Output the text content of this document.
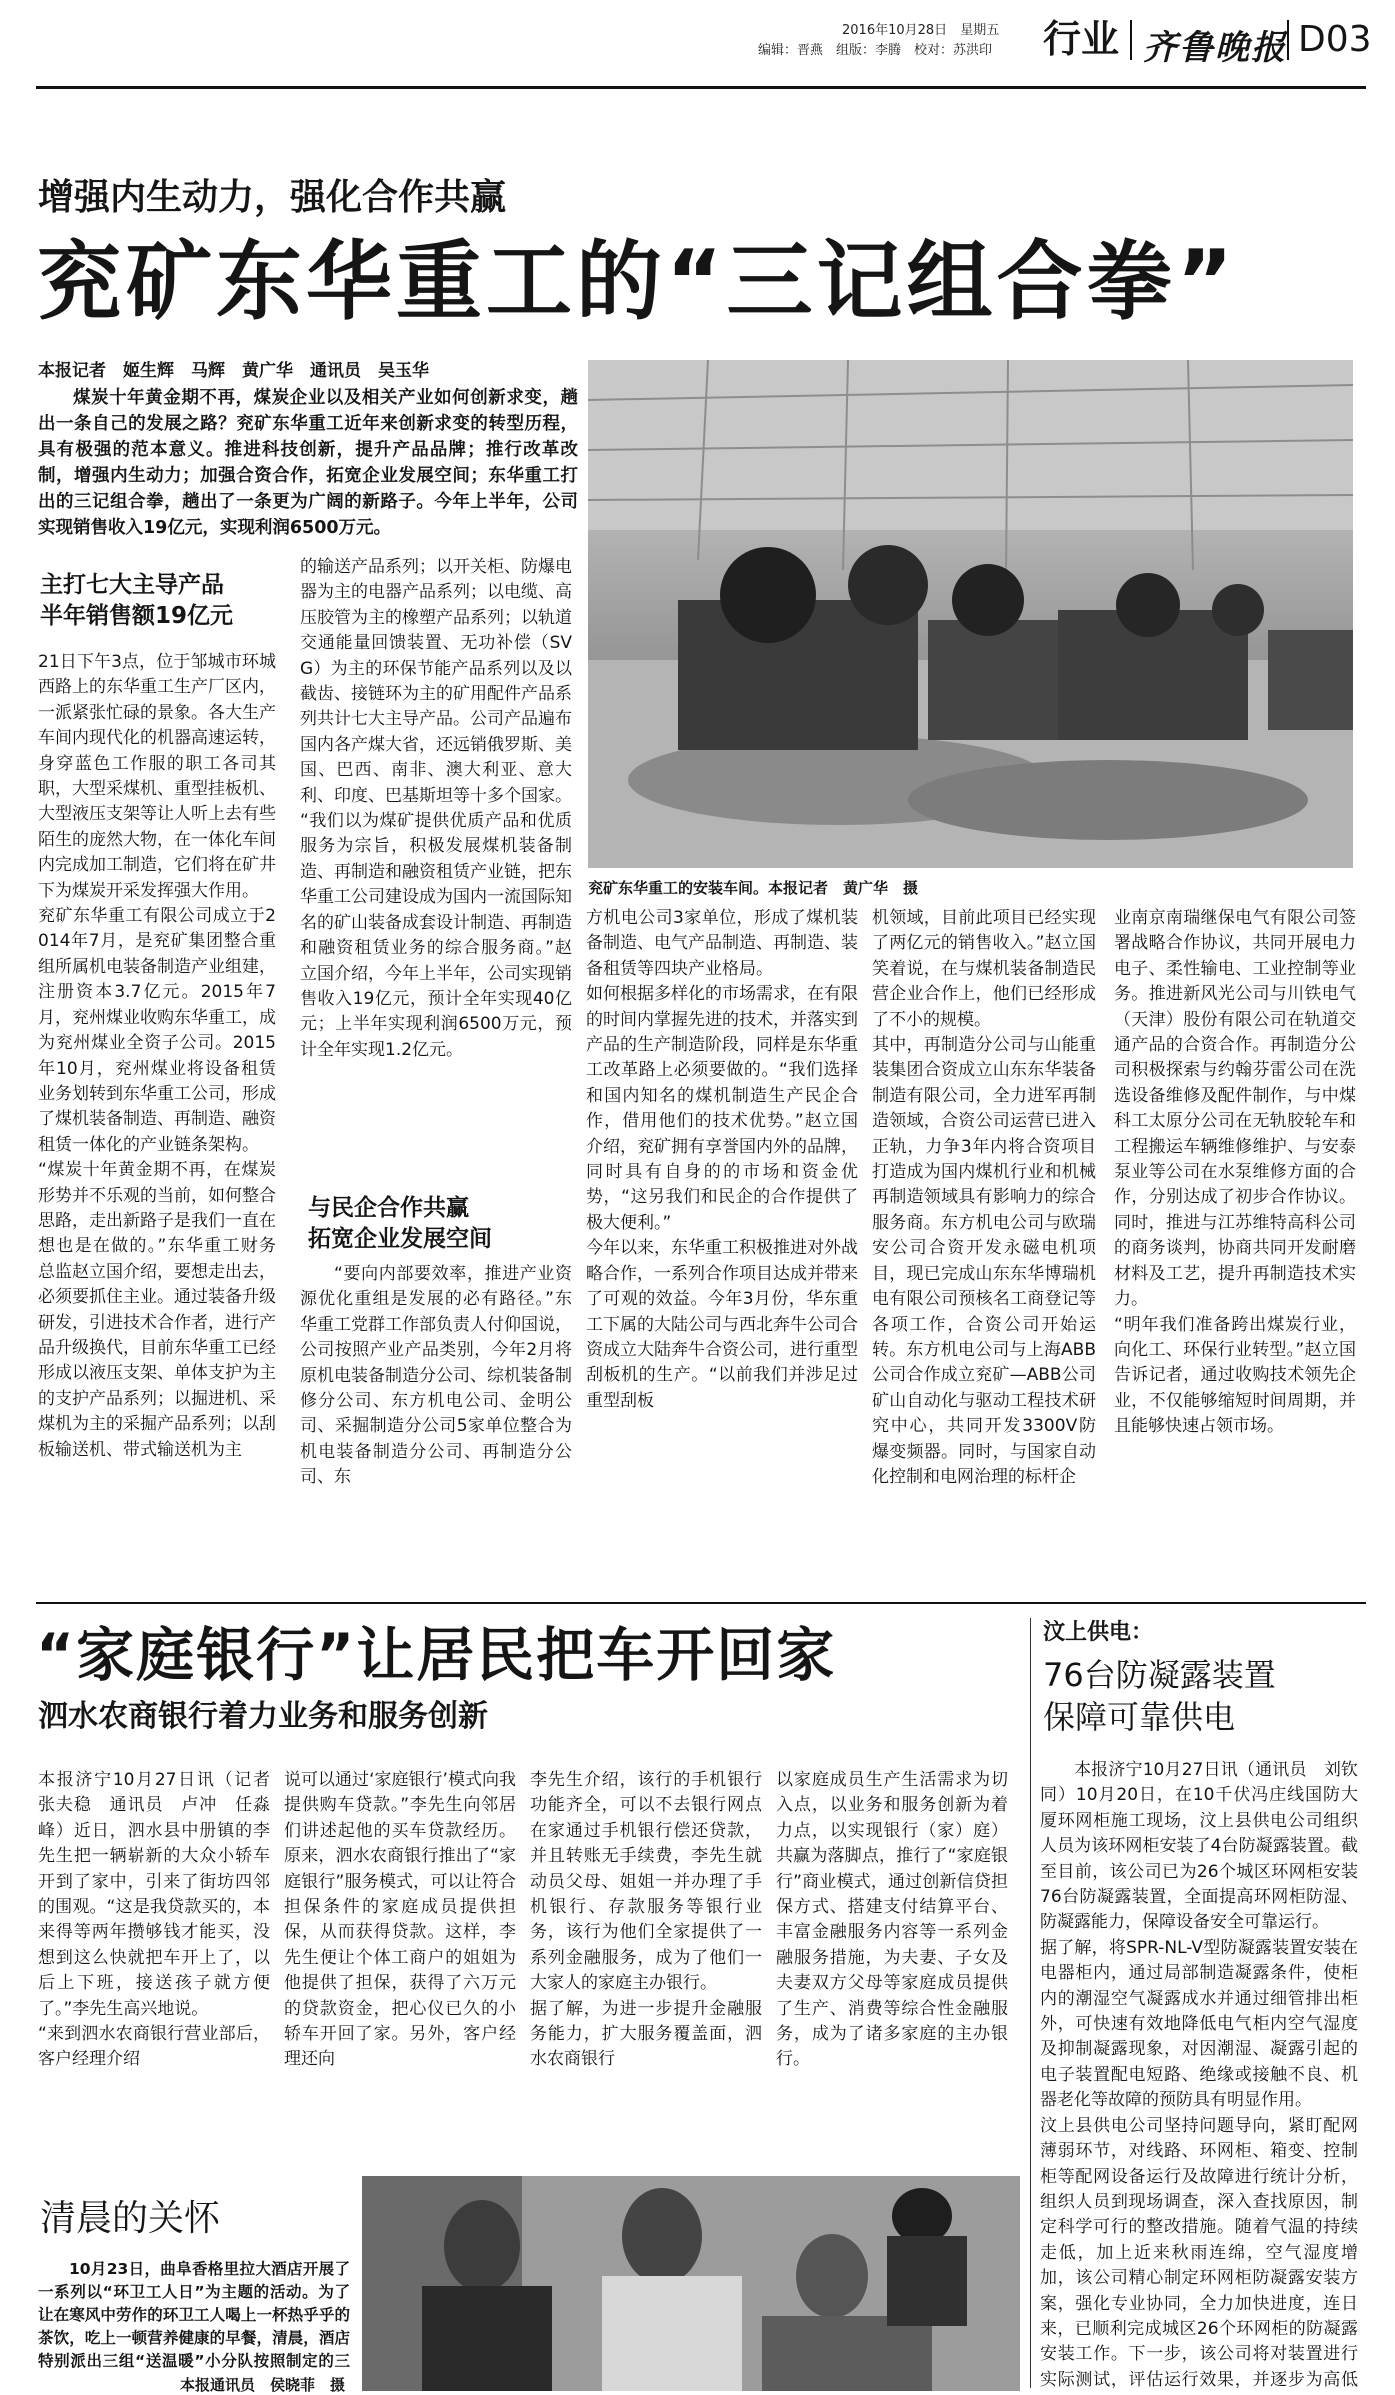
2016年10月28日　 星期五
编辑：晋燕　组版：李腾　校对：苏洪印 行业 齐鲁晚报 D03
增强内生动力，强化合作共赢
兖矿东华重工的“三记组合拳”
本报记者　姬生辉　马辉　黄广华　通讯员　吴玉华
煤炭十年黄金期不再，煤炭企业以及相关产业如何创新求变，趟出一条自己的发展之路？兖矿东华重工近年来创新求变的转型历程，具有极强的范本意义。推进科技创新，提升产品品牌；推行改革改制，增强内生动力；加强合资合作，拓宽企业发展空间；东华重工打出的三记组合拳，趟出了一条更为广阔的新路子。今年上半年，公司实现销售收入19亿元，实现利润6500万元。
兖矿东华重工的安装车间。本报记者　黄广华　摄
主打七大主导产品
半年销售额19亿元
21日下午3点，位于邹城市环城西路上的东华重工生产厂区内，一派紧张忙碌的景象。各大生产车间内现代化的机器高速运转，身穿蓝色工作服的职工各司其职，大型采煤机、重型挂板机、大型液压支架等让人听上去有些陌生的庞然大物，在一体化车间内完成加工制造，它们将在矿井下为煤炭开采发挥强大作用。
兖矿东华重工有限公司成立于2014年7月，是兖矿集团整合重组所属机电装备制造产业组建，注册资本3.7亿元。2015年7月，兖州煤业收购东华重工，成为兖州煤业全资子公司。2015年10月，兖州煤业将设备租赁业务划转到东华重工公司，形成了煤机装备制造、再制造、融资租赁一体化的产业链条架构。
“煤炭十年黄金期不再，在煤炭形势并不乐观的当前，如何整合思路，走出新路子是我们一直在想也是在做的。”东华重工财务总监赵立国介绍，要想走出去，必须要抓住主业。通过装备升级研发，引进技术合作者，进行产品升级换代，目前东华重工已经形成以液压支架、单体支护为主的支护产品系列；以掘进机、采煤机为主的采掘产品系列；以刮板输送机、带式输送机为主
的输送产品系列；以开关柜、防爆电器为主的电器产品系列；以电缆、高压胶管为主的橡塑产品系列；以轨道交通能量回馈装置、无功补偿（SVG）为主的环保节能产品系列以及以截齿、接链环为主的矿用配件产品系列共计七大主导产品。公司产品遍布国内各产煤大省，还远销俄罗斯、美国、巴西、南非、澳大利亚、意大利、印度、巴基斯坦等十多个国家。
“我们以为煤矿提供优质产品和优质服务为宗旨，积极发展煤机装备制造、再制造和融资租赁产业链，把东华重工公司建设成为国内一流国际知名的矿山装备成套设计制造、再制造和融资租赁业务的综合服务商。”赵立国介绍，今年上半年，公司实现销售收入19亿元，预计全年实现40亿元；上半年实现利润6500万元，预计全年实现1.2亿元。
与民企合作共赢
拓宽企业发展空间
“要向内部要效率，推进产业资源优化重组是发展的必有路径。”东华重工党群工作部负责人付仰国说，公司按照产业产品类别，今年2月将原机电装备制造分公司、综机装备制修分公司、东方机电公司、金明公司、采掘制造分公司5家单位整合为机电装备制造分公司、再制造分公司、东
方机电公司3家单位，形成了煤机装备制造、电气产品制造、再制造、装备租赁等四块产业格局。
如何根据多样化的市场需求，在有限的时间内掌握先进的技术，并落实到产品的生产制造阶段，同样是东华重工改革路上必须要做的。“我们选择和国内知名的煤机制造生产民企合作，借用他们的技术优势。”赵立国介绍，兖矿拥有享誉国内外的品牌，同时具有自身的的市场和资金优势，“这另我们和民企的合作提供了极大便利。”
今年以来，东华重工积极推进对外战略合作，一系列合作项目达成并带来了可观的效益。今年3月份，华东重工下属的大陆公司与西北奔牛公司合资成立大陆奔牛合资公司，进行重型刮板机的生产。“以前我们并涉足过重型刮板
机领域，目前此项目已经实现了两亿元的销售收入。”赵立国笑着说，在与煤机装备制造民营企业合作上，他们已经形成了不小的规模。
其中，再制造分公司与山能重装集团合资成立山东东华装备制造有限公司，全力进军再制造领域，合资公司运营已进入正轨，力争3年内将合资项目打造成为国内煤机行业和机械再制造领域具有影响力的综合服务商。东方机电公司与欧瑞安公司合资开发永磁电机项目，现已完成山东东华博瑞机电有限公司预核名工商登记等各项工作，合资公司开始运转。东方机电公司与上海ABB公司合作成立兖矿—ABB公司矿山自动化与驱动工程技术研究中心，共同开发3300V防爆变频器。同时，与国家自动化控制和电网治理的标杆企
业南京南瑞继保电气有限公司签署战略合作协议，共同开展电力电子、柔性输电、工业控制等业务。推进新风光公司与川铁电气（天津）股份有限公司在轨道交通产品的合资合作。再制造分公司积极探索与约翰芬雷公司在洗选设备维修及配件制作，与中煤科工太原分公司在无轨胶轮车和工程搬运车辆维修维护、与安泰泵业等公司在水泵维修方面的合作，分别达成了初步合作协议。同时，推进与江苏维特高科公司的商务谈判，协商共同开发耐磨材料及工艺，提升再制造技术实力。
“明年我们准备跨出煤炭行业，向化工、环保行业转型。”赵立国告诉记者，通过收购技术领先企业，不仅能够缩短时间周期，并且能够快速占领市场。
“家庭银行”让居民把车开回家
泗水农商银行着力业务和服务创新
本报济宁10月27日讯（记者　张夫稳　通讯员　卢冲　任淼峰）近日，泗水县中册镇的李先生把一辆崭新的大众小轿车开到了家中，引来了街坊四邻的围观。“这是我贷款买的，本来得等两年攒够钱才能买，没想到这么快就把车开上了，以后上下班，接送孩子就方便了。”李先生高兴地说。
“来到泗水农商银行营业部后，客户经理介绍
说可以通过‘家庭银行’模式向我提供购车贷款。”李先生向邻居们讲述起他的买车贷款经历。原来，泗水农商银行推出了“家庭银行”服务模式，可以让符合担保条件的家庭成员提供担保，从而获得贷款。这样，李先生便让个体工商户的姐姐为他提供了担保，获得了六万元的贷款资金，把心仪已久的小轿车开回了家。另外，客户经理还向
李先生介绍，该行的手机银行功能齐全，可以不去银行网点在家通过手机银行偿还贷款，并且转账无手续费，李先生就动员父母、姐姐一并办理了手机银行、存款服务等银行业务，该行为他们全家提供了一系列金融服务，成为了他们一大家人的家庭主办银行。
据了解，为进一步提升金融服务能力，扩大服务覆盖面，泗水农商银行
以家庭成员生产生活需求为切入点，以业务和服务创新为着力点，以实现银行（家）庭）共赢为落脚点，推行了“家庭银行”商业模式，通过创新信贷担保方式、搭建支付结算平台、丰富金融服务内容等一系列金融服务措施，为夫妻、子女及夫妻双方父母等家庭成员提供了生产、消费等综合性金融服务，成为了诸多家庭的主办银行。
汶上供电：
76台防凝露装置
保障可靠供电
本报济宁10月27日讯（通讯员　刘钦同）10月20日，在10千伏冯庄线国防大厦环网柜施工现场，汶上县供电公司组织人员为该环网柜安装了4台防凝露装置。截至目前，该公司已为26个城区环网柜安装76台防凝露装置，全面提高环网柜防湿、防凝露能力，保障设备安全可靠运行。
据了解，将SPR-NL-V型防凝露装置安装在电器柜内，通过局部制造凝露条件，使柜内的潮湿空气凝露成水并通过细管排出柜外，可快速有效地降低电气柜内空气湿度及抑制凝露现象，对因潮湿、凝露引起的电子装置配电短路、绝缘或接触不良、机器老化等故障的预防具有明显作用。
汶上县供电公司坚持问题导向，紧盯配网薄弱环节，对线路、环网柜、箱变、控制柜等配网设备运行及故障进行统计分析，组织人员到现场调查，深入查找原因，制定科学可行的整改措施。随着气温的持续走低，加上近来秋雨连绵，空气湿度增加，该公司精心制定环网柜防凝露安装方案，强化专业协同，全力加快进度，连日来，已顺利完成城区26个环网柜的防凝露安装工作。下一步，该公司将对装置进行实际测试，评估运行效果，并逐步为高低
清晨的关怀
10月23日，曲阜香格里拉大酒店开展了一系列以“环卫工人日”为主题的活动。为了让在寒风中劳作的环卫工人喝上一杯热乎乎的茶饮，吃上一顿营养健康的早餐，清晨，酒店特别派出三组“送温暖”小分队按照制定的三
本报通讯员　侯晓菲　摄
